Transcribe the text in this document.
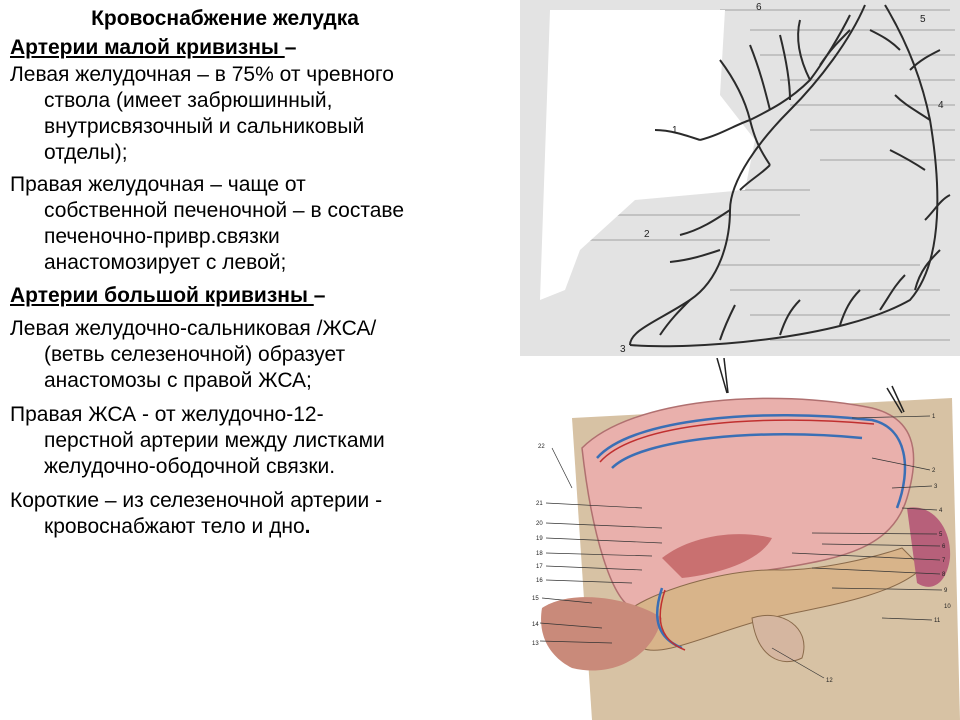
Кровоснабжение желудка
Артерии малой кривизны –
Левая желудочная – в 75% от чревного
ствола (имеет забрюшинный,
внутрисвязочный и сальниковый
отделы);
Правая желудочная – чаще от
собственной печеночной – в составе
печеночно-привр.связки
анастомозирует с левой;
Артерии большой кривизны –
Левая желудочно-сальниковая /ЖСА/
(ветвь селезеночной) образует
анастомозы с правой ЖСА;
Правая ЖСА - от желудочно-12-
перстной артерии между листками
желудочно-ободочной связки.
Короткие – из селезеночной артерии -
кровоснабжают тело и дно.
6
5
4
1
2
3
1
2
3
4
5
6
7
8
9
10
11
12
13
14
15
16
17
18
19
20
21
22
